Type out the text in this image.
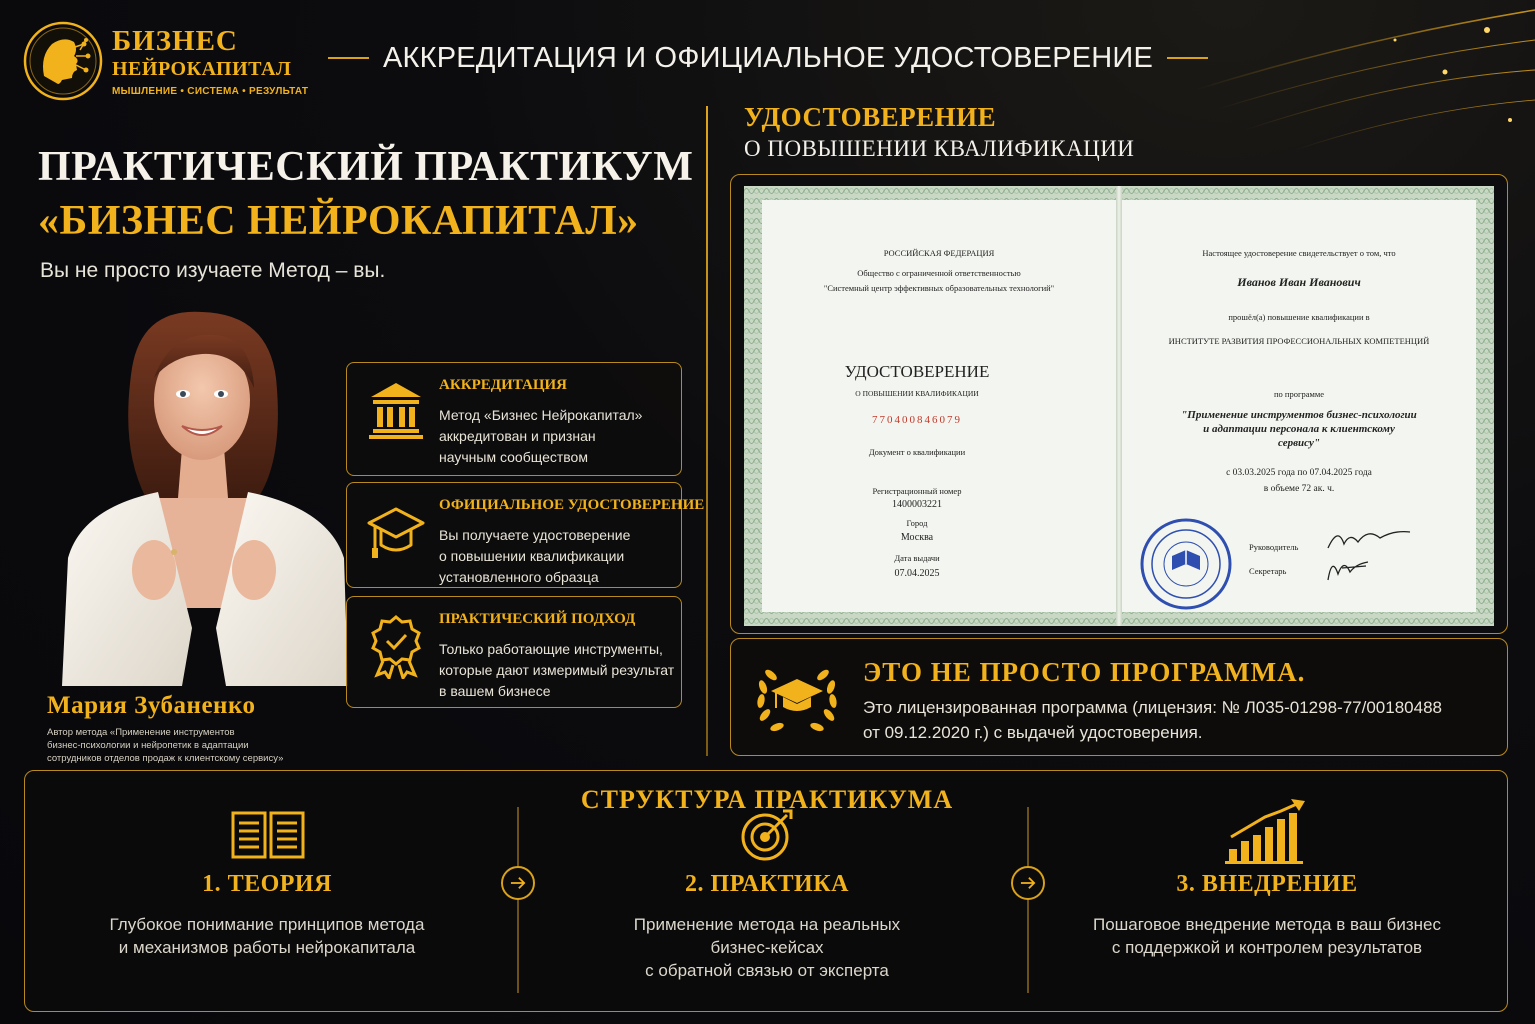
БИЗНЕС
НЕЙРОКАПИТАЛ
МЫШЛЕНИЕ • СИСТЕМА • РЕЗУЛЬТАТ
АККРЕДИТАЦИЯ И ОФИЦИАЛЬНОЕ УДОСТОВЕРЕНИЕ
ПРАКТИЧЕСКИЙ ПРАКТИКУМ
«БИЗНЕС НЕЙРОКАПИТАЛ»
Вы не просто изучаете Метод – вы.
Мария Зубаненко
Автор метода «Применение инструментов
бизнес-психологии и нейропетик в адаптации
сотрудников отделов продаж к клиентскому сервису»
АККРЕДИТАЦИЯ
Метод «Бизнес Нейрокапитал»
аккредитован и признан
научным сообществом
ОФИЦИАЛЬНОЕ УДОСТОВЕРЕНИЕ
Вы получаете удостоверение
о повышении квалификации
установленного образца
ПРАКТИЧЕСКИЙ ПОДХОД
Только работающие инструменты,
которые дают измеримый результат
в вашем бизнесе
УДОСТОВЕРЕНИЕ
О ПОВЫШЕНИИ КВАЛИФИКАЦИИ
РОССИЙСКАЯ ФЕДЕРАЦИЯ
Общество с ограниченной ответственностью
"Системный центр эффективных образовательных технологий"
УДОСТОВЕРЕНИЕ
О ПОВЫШЕНИИ КВАЛИФИКАЦИИ
770400846079
Документ о квалификации
Регистрационный номер
1400003221
Город
Москва
Дата выдачи
07.04.2025
Настоящее удостоверение свидетельствует о том, что
Иванов Иван Иванович
прошёл(а) повышение квалификации в
ИНСТИТУТЕ РАЗВИТИЯ ПРОФЕССИОНАЛЬНЫХ КОМПЕТЕНЦИЙ
по программе
"Применение инструментов бизнес-психологии
и адаптации персонала к клиентскому
сервису"
с 03.03.2025 года по 07.04.2025 года
в объеме 72 ак. ч.
Руководитель
Секретарь
ЭТО НЕ ПРОСТО ПРОГРАММА.
Это лицензированная программа (лицензия: № Л035-01298-77/00180488
от 09.12.2020 г.) с выдачей удостоверения.
СТРУКТУРА ПРАКТИКУМА
1. ТЕОРИЯ
Глубокое понимание принципов метода
и механизмов работы нейрокапитала
2. ПРАКТИКА
Применение метода на реальных
бизнес-кейсах
с обратной связью от эксперта
3. ВНЕДРЕНИЕ
Пошаговое внедрение метода в ваш бизнес
с поддержкой и контролем результатов
